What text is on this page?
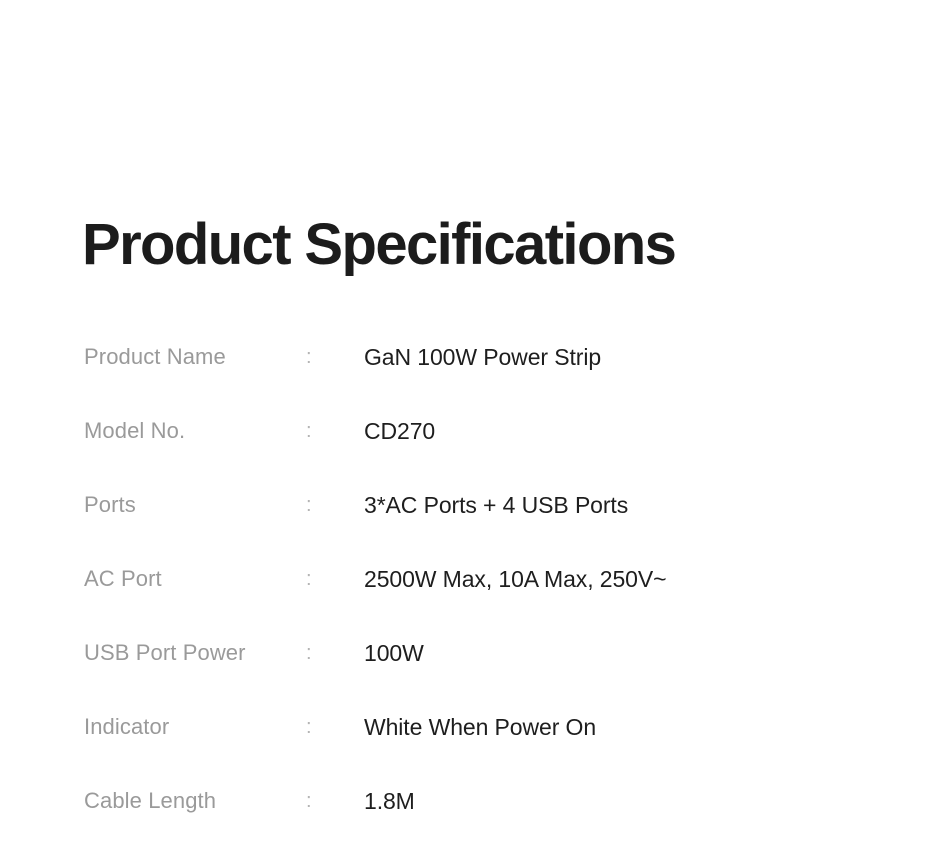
Product Specifications
Product Name	:	GaN 100W Power Strip
Model No.	:	CD270
Ports	:	3*AC Ports + 4 USB Ports
AC Port	:	2500W Max, 10A Max, 250V~
USB Port Power	:	100W
Indicator	:	White When Power On
Cable Length	:	1.8M
